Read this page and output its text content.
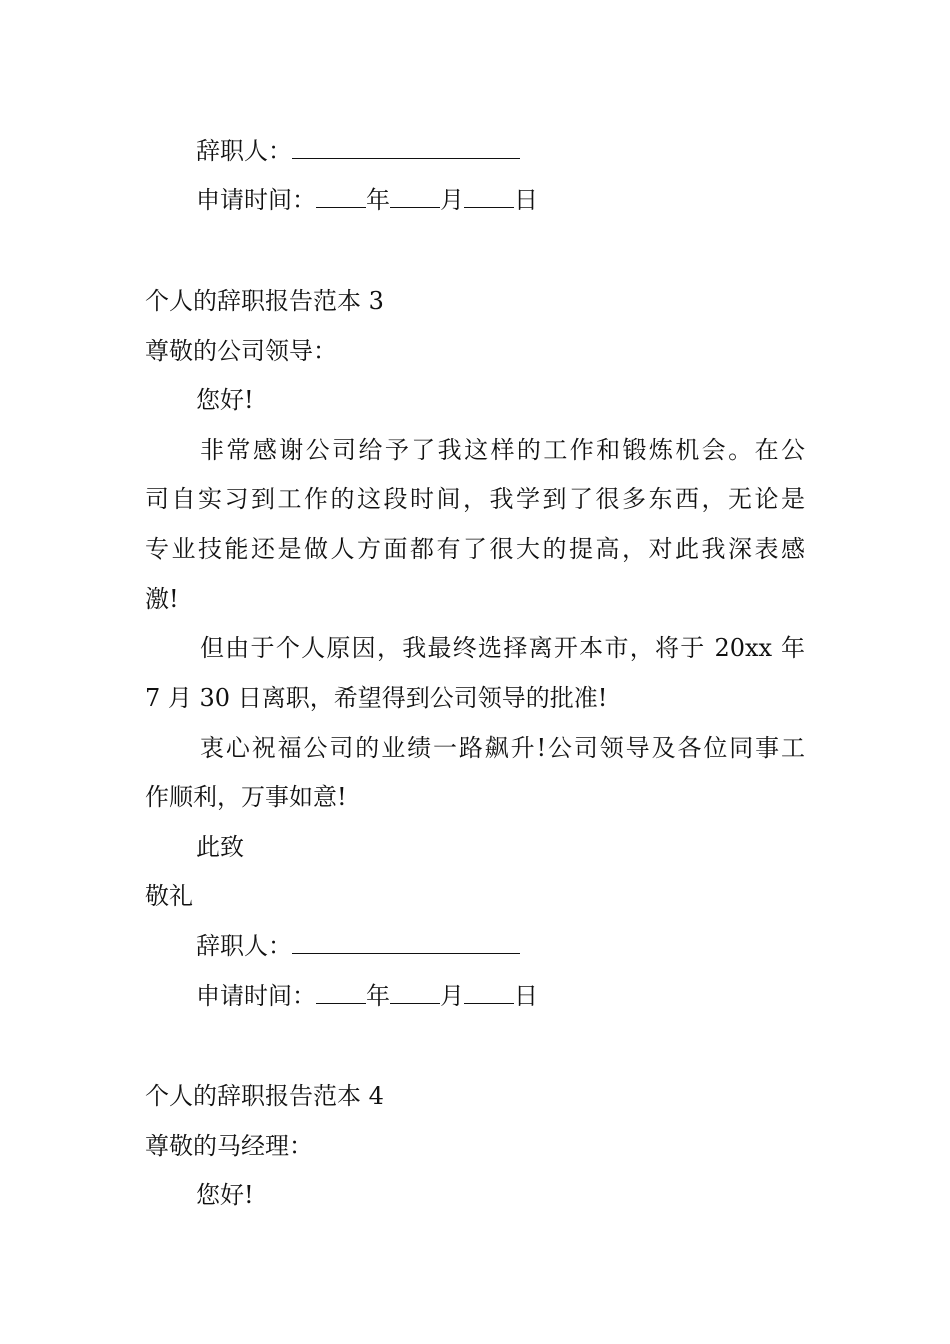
辞职人：

申请时间： 年 月 日

个人的辞职报告范本 3

尊敬的公司领导：

您好!

非常感谢公司给予了我这样的工作和锻炼机会。在公

司自实习到工作的这段时间，我学到了很多东西，无论是

专业技能还是做人方面都有了很大的提高，对此我深表感

激!

但由于个人原因，我最终选择离开本市，将于 20xx 年

7 月 30 日离职，希望得到公司领导的批准!

衷心祝福公司的业绩一路飙升!公司领导及各位同事工

作顺利，万事如意!

此致

敬礼

辞职人：

申请时间： 年 月 日

个人的辞职报告范本 4

尊敬的马经理：

您好!
